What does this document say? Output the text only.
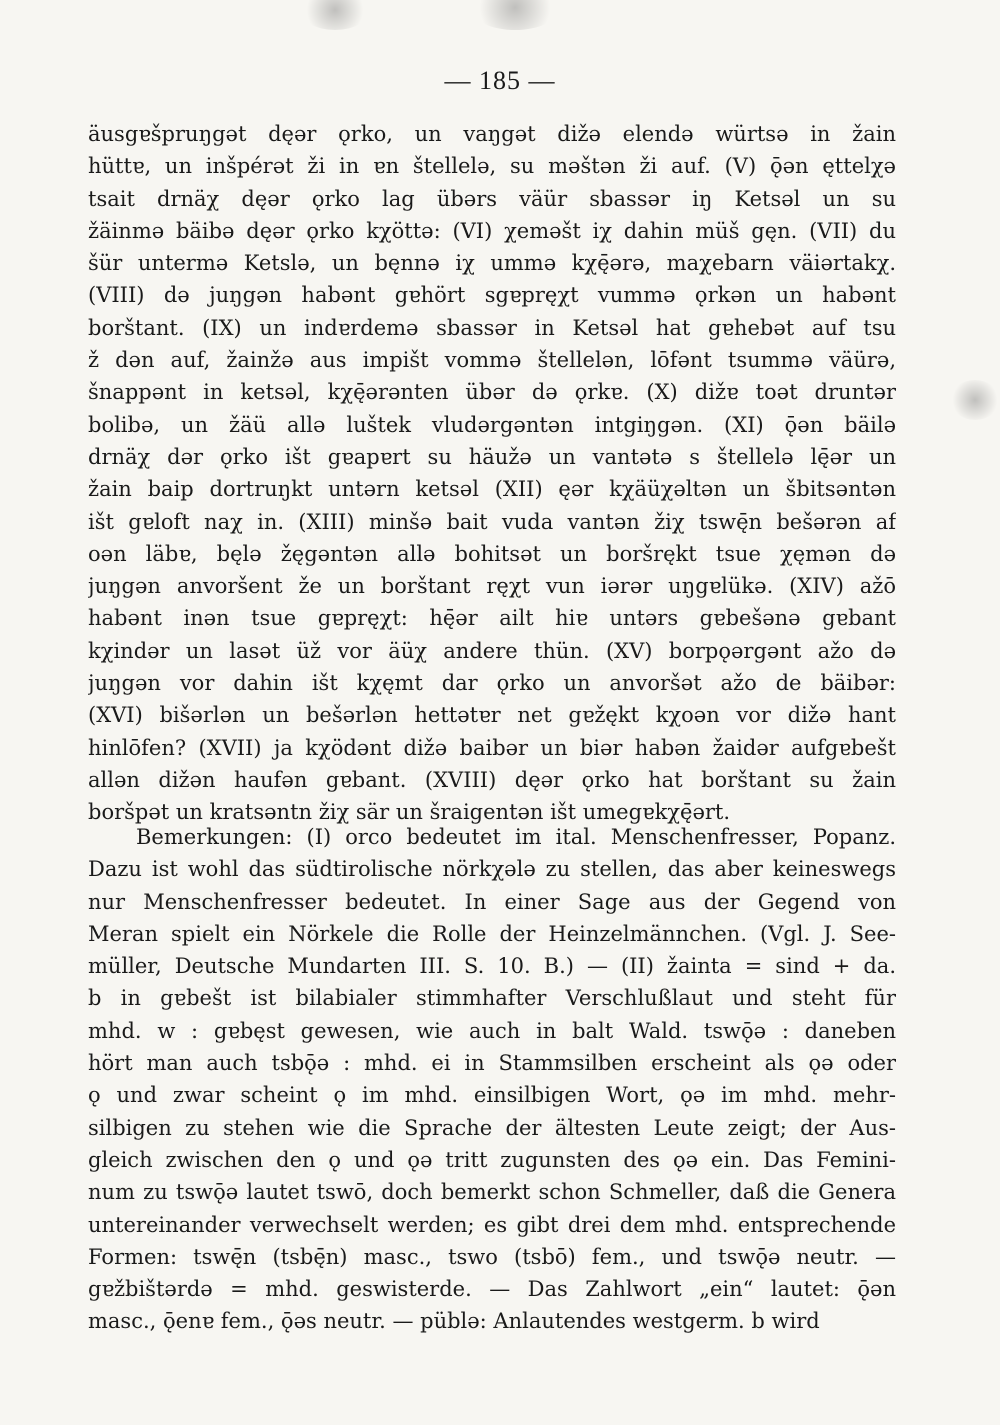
— 185 —
äusgɐšpruŋgət dęər ǫrko, un vaŋgət dižə elendə würtsə in žain
hüttɐ, un inšpérət ži in ɐn štellelə, su məštən ži auf. (V) ǭən ęttelχə
tsait drnäχ dęər ǫrko lag übərs väür sbassər iŋ Ketsəl un su
žäinmə bäibə dęər ǫrko kχöttə: (VI) χeməšt iχ dahin müš gęn. (VII) du
šür untermə Ketslə, un bęnnə iχ ummə kχę̄ərə, maχebarn väiərtakχ.
(VIII) də juŋgən habənt gɐhört sgɐpręχt vummə ǫrkən un habənt
borštant. (IX) un indɐrdemə sbassər in Ketsəl hat gɐhebət auf tsu
ž dən auf, žainžə aus impišt vommə štellelən, lōfənt tsummə väürə,
šnappənt in ketsəl, kχę̄ərənten übər də ǫrkɐ. (X) dižɐ toət druntər
bolibə, un žäü allə luštek vludərgəntən intgiŋgən. (XI) ǭən bäilə
drnäχ dər ǫrko išt gɐapɐrt su häužə un vantətə s štellelə lę̄ər un
žain baip dortruŋkt untərn ketsəl (XII) ęər kχäüχəltən un šbitsəntən
išt gɐloft naχ in. (XIII) minšə bait vuda vantən žiχ tswę̄n bešərən af
oən läbɐ, bęlə žęgəntən allə bohitsət un boršrękt tsue χęmən də
juŋgən anvoršent že un borštant ręχt vun iərər uŋgɐlükə. (XIV) ažō
habənt inən tsue gɐpręχt: hę̄ər ailt hiɐ untərs gɐbešənə gɐbant
kχindər un lasət üž vor äüχ andere thün. (XV) borpǫərgənt ažo də
juŋgən vor dahin išt kχęmt dar ǫrko un anvoršət ažo de bäibər:
(XVI) bišərlən un bešərlən hettətɐr net gɐžękt kχoən vor dižə hant
hinlōfen? (XVII) ja kχödənt dižə baibər un biər habən žaidər aufgɐbešt
allən dižən haufən gɐbant. (XVIII) dęər ǫrko hat borštant su žain
boršpət un kratsəntn žiχ sär un šraigentən išt umegɐkχę̄ərt.
Bemerkungen: (I) orco bedeutet im ital. Menschenfresser, Popanz.
Dazu ist wohl das südtirolische nörkχələ zu stellen, das aber keineswegs
nur Menschenfresser bedeutet. In einer Sage aus der Gegend von
Meran spielt ein Nörkele die Rolle der Heinzelmännchen. (Vgl. J. See-
müller, Deutsche Mundarten III. S. 10. B.) — (II) žainta = sind + da.
b in gɐbešt ist bilabialer stimmhafter Verschlußlaut und steht für
mhd. w : gɐbęst gewesen, wie auch in balt Wald. tswǭə : daneben
hört man auch tsbǭə : mhd. ei in Stammsilben erscheint als ǫə oder
ǫ und zwar scheint ǫ im mhd. einsilbigen Wort, ǫə im mhd. mehr-
silbigen zu stehen wie die Sprache der ältesten Leute zeigt; der Aus-
gleich zwischen den ǫ und ǫə tritt zugunsten des ǫə ein. Das Femini-
num zu tswǭə lautet tswō, doch bemerkt schon Schmeller, daß die Genera
untereinander verwechselt werden; es gibt drei dem mhd. entsprechende
Formen: tswę̄n (tsbę̄n) masc., tswo (tsbō) fem., und tswǭə neutr. —
gɐžbištərdə = mhd. geswisterde. — Das Zahlwort „ein“ lautet: ǭən
masc., ǭenɐ fem., ǭəs neutr. — püblə: Anlautendes westgerm. b wird
